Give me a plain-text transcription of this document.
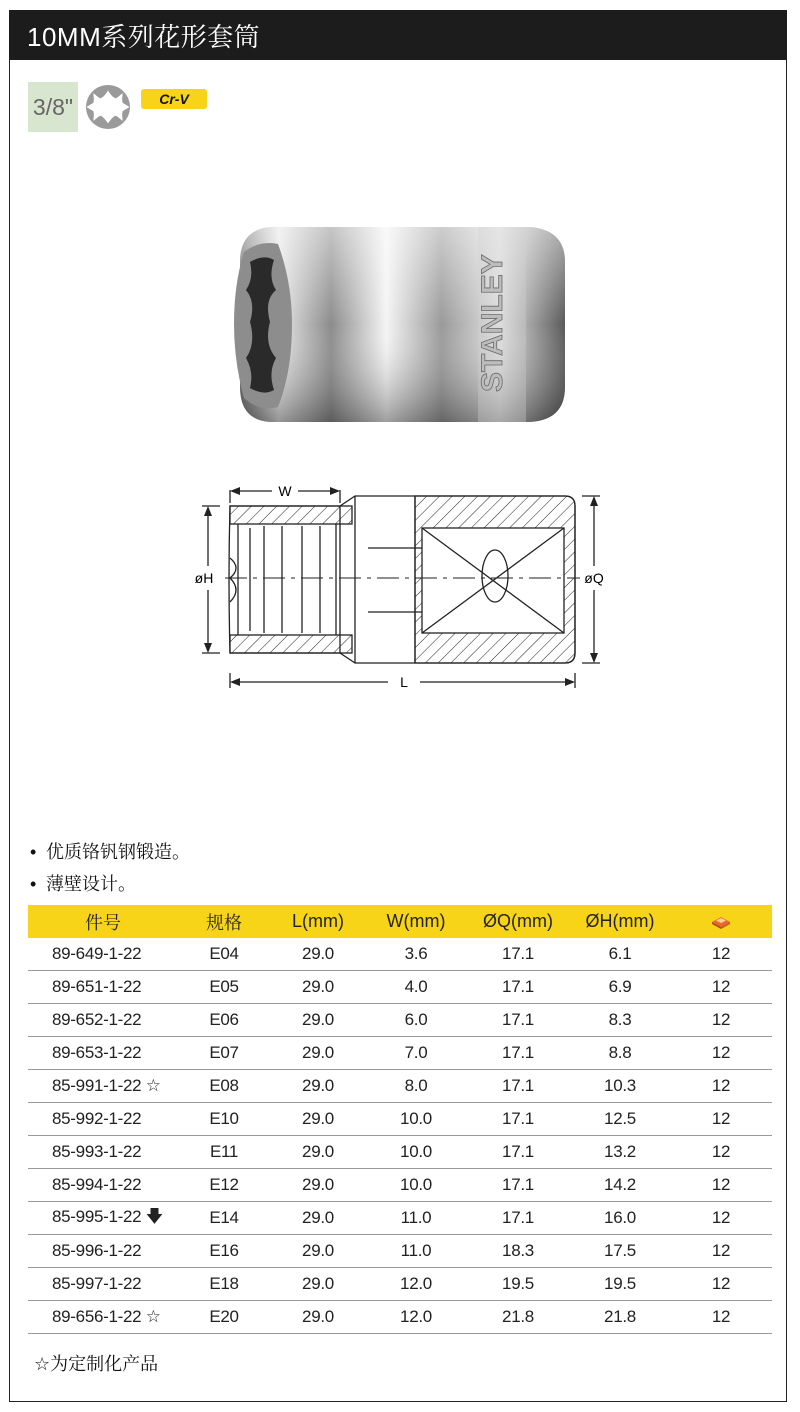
10MM系列花形套筒
3/8"	Cr-V
STANLEY
W
øH	øQ
L
• 优质铬钒钢锻造。
• 薄壁设计。
件号	规格	L(mm)	W(mm)	ØQ(mm)	ØH(mm)	
89-649-1-22	E04	29.0	3.6	17.1	6.1	12
89-651-1-22	E05	29.0	4.0	17.1	6.9	12
89-652-1-22	E06	29.0	6.0	17.1	8.3	12
89-653-1-22	E07	29.0	7.0	17.1	8.8	12
85-991-1-22 ☆	E08	29.0	8.0	17.1	10.3	12
85-992-1-22	E10	29.0	10.0	17.1	12.5	12
85-993-1-22	E11	29.0	10.0	17.1	13.2	12
85-994-1-22	E12	29.0	10.0	17.1	14.2	12
85-995-1-22 🡇	E14	29.0	11.0	17.1	16.0	12
85-996-1-22	E16	29.0	11.0	18.3	17.5	12
85-997-1-22	E18	29.0	12.0	19.5	19.5	12
89-656-1-22 ☆	E20	29.0	12.0	21.8	21.8	12
☆为定制化产品
